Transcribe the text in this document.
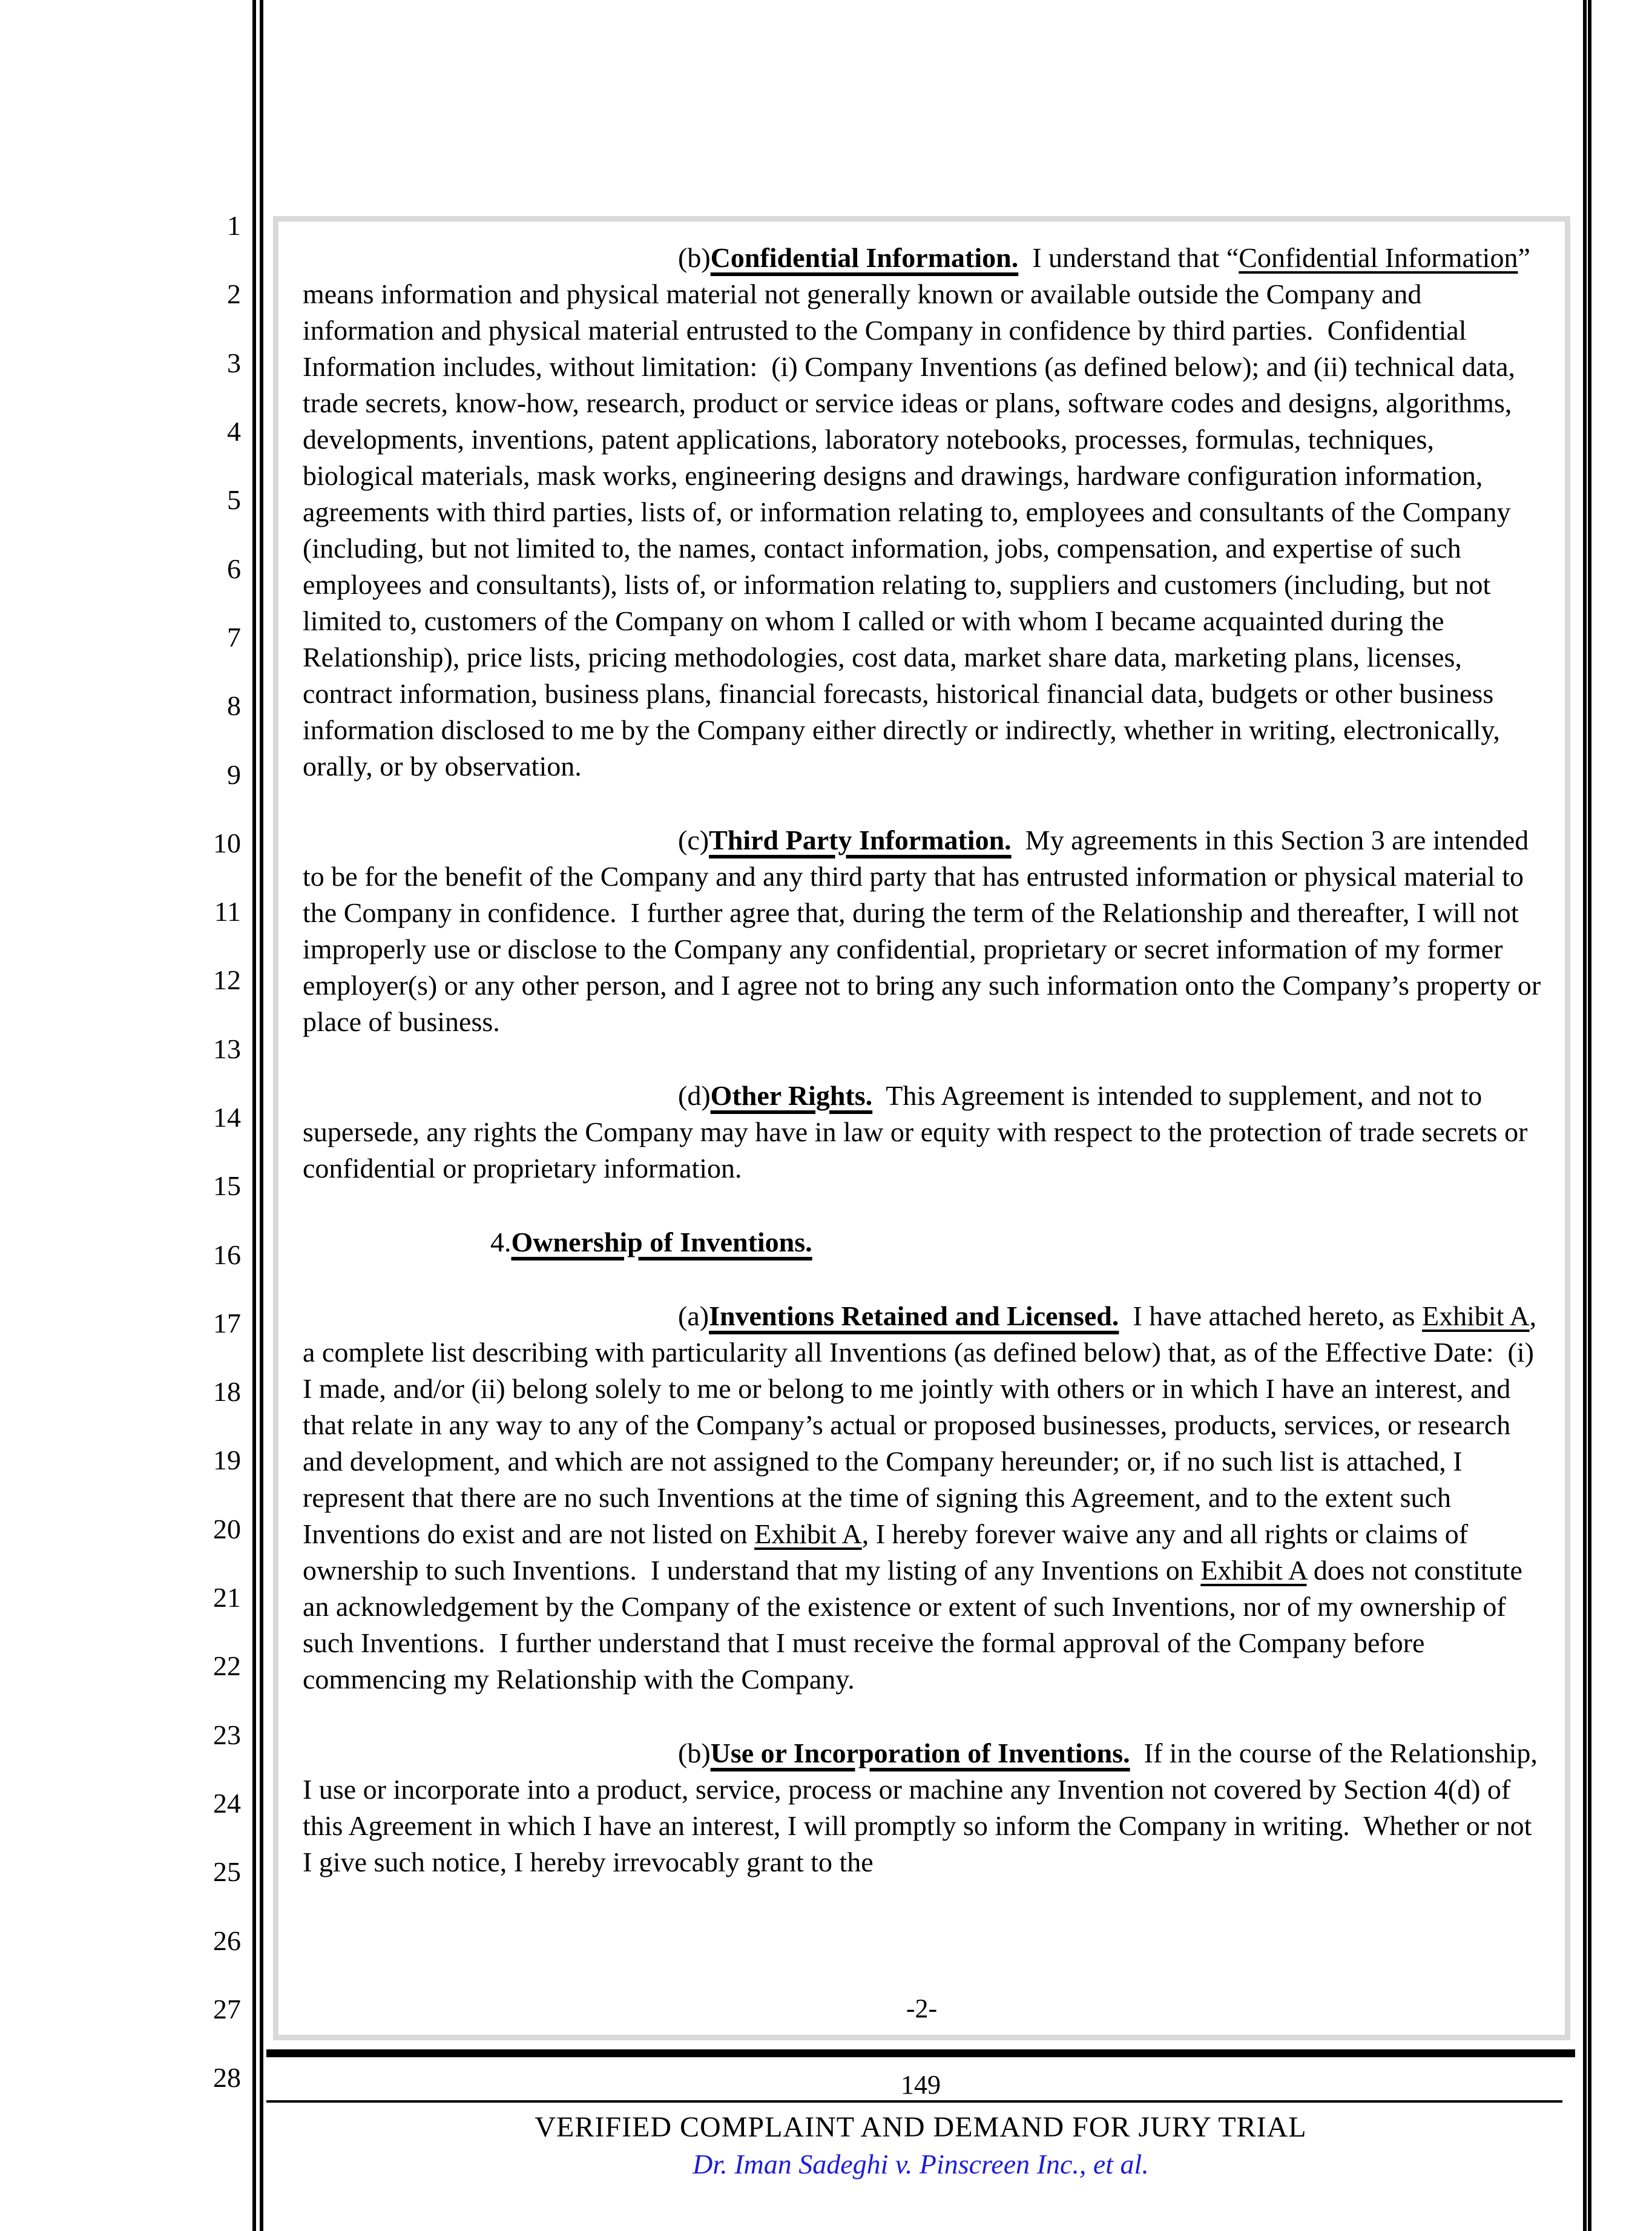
1
2
3
4
5
6
7
8
9
10
11
12
13
14
15
16
17
18
19
20
21
22
23
24
25
26
27
28

(b)Confidential Information.  I understand that “Confidential Information” means information and physical material not generally known or available outside the Company and information and physical material entrusted to the Company in confidence by third parties.  Confidential Information includes, without limitation:  (i) Company Inventions (as defined below); and (ii) technical data, trade secrets, know-how, research, product or service ideas or plans, software codes and designs, algorithms, developments, inventions, patent applications, laboratory notebooks, processes, formulas, techniques, biological materials, mask works, engineering designs and drawings, hardware configuration information, agreements with third parties, lists of, or information relating to, employees and consultants of the Company (including, but not limited to, the names, contact information, jobs, compensation, and expertise of such employees and consultants), lists of, or information relating to, suppliers and customers (including, but not limited to, customers of the Company on whom I called or with whom I became acquainted during the Relationship), price lists, pricing methodologies, cost data, market share data, marketing plans, licenses, contract information, business plans, financial forecasts, historical financial data, budgets or other business information disclosed to me by the Company either directly or indirectly, whether in writing, electronically, orally, or by observation.

(c)Third Party Information.  My agreements in this Section 3 are intended to be for the benefit of the Company and any third party that has entrusted information or physical material to the Company in confidence.  I further agree that, during the term of the Relationship and thereafter, I will not improperly use or disclose to the Company any confidential, proprietary or secret information of my former employer(s) or any other person, and I agree not to bring any such information onto the Company’s property or place of business.

(d)Other Rights.  This Agreement is intended to supplement, and not to supersede, any rights the Company may have in law or equity with respect to the protection of trade secrets or confidential or proprietary information.

4.Ownership of Inventions.

(a)Inventions Retained and Licensed.  I have attached hereto, as Exhibit A, a complete list describing with particularity all Inventions (as defined below) that, as of the Effective Date:  (i) I made, and/or (ii) belong solely to me or belong to me jointly with others or in which I have an interest, and that relate in any way to any of the Company’s actual or proposed businesses, products, services, or research and development, and which are not assigned to the Company hereunder; or, if no such list is attached, I represent that there are no such Inventions at the time of signing this Agreement, and to the extent such Inventions do exist and are not listed on Exhibit A, I hereby forever waive any and all rights or claims of ownership to such Inventions.  I understand that my listing of any Inventions on Exhibit A does not constitute an acknowledgement by the Company of the existence or extent of such Inventions, nor of my ownership of such Inventions.  I further understand that I must receive the formal approval of the Company before commencing my Relationship with the Company.

(b)Use or Incorporation of Inventions.  If in the course of the Relationship, I use or incorporate into a product, service, process or machine any Invention not covered by Section 4(d) of this Agreement in which I have an interest, I will promptly so inform the Company in writing.  Whether or not I give such notice, I hereby irrevocably grant to the

-2-
149
VERIFIED COMPLAINT AND DEMAND FOR JURY TRIAL
Dr. Iman Sadeghi v. Pinscreen Inc., et al.
